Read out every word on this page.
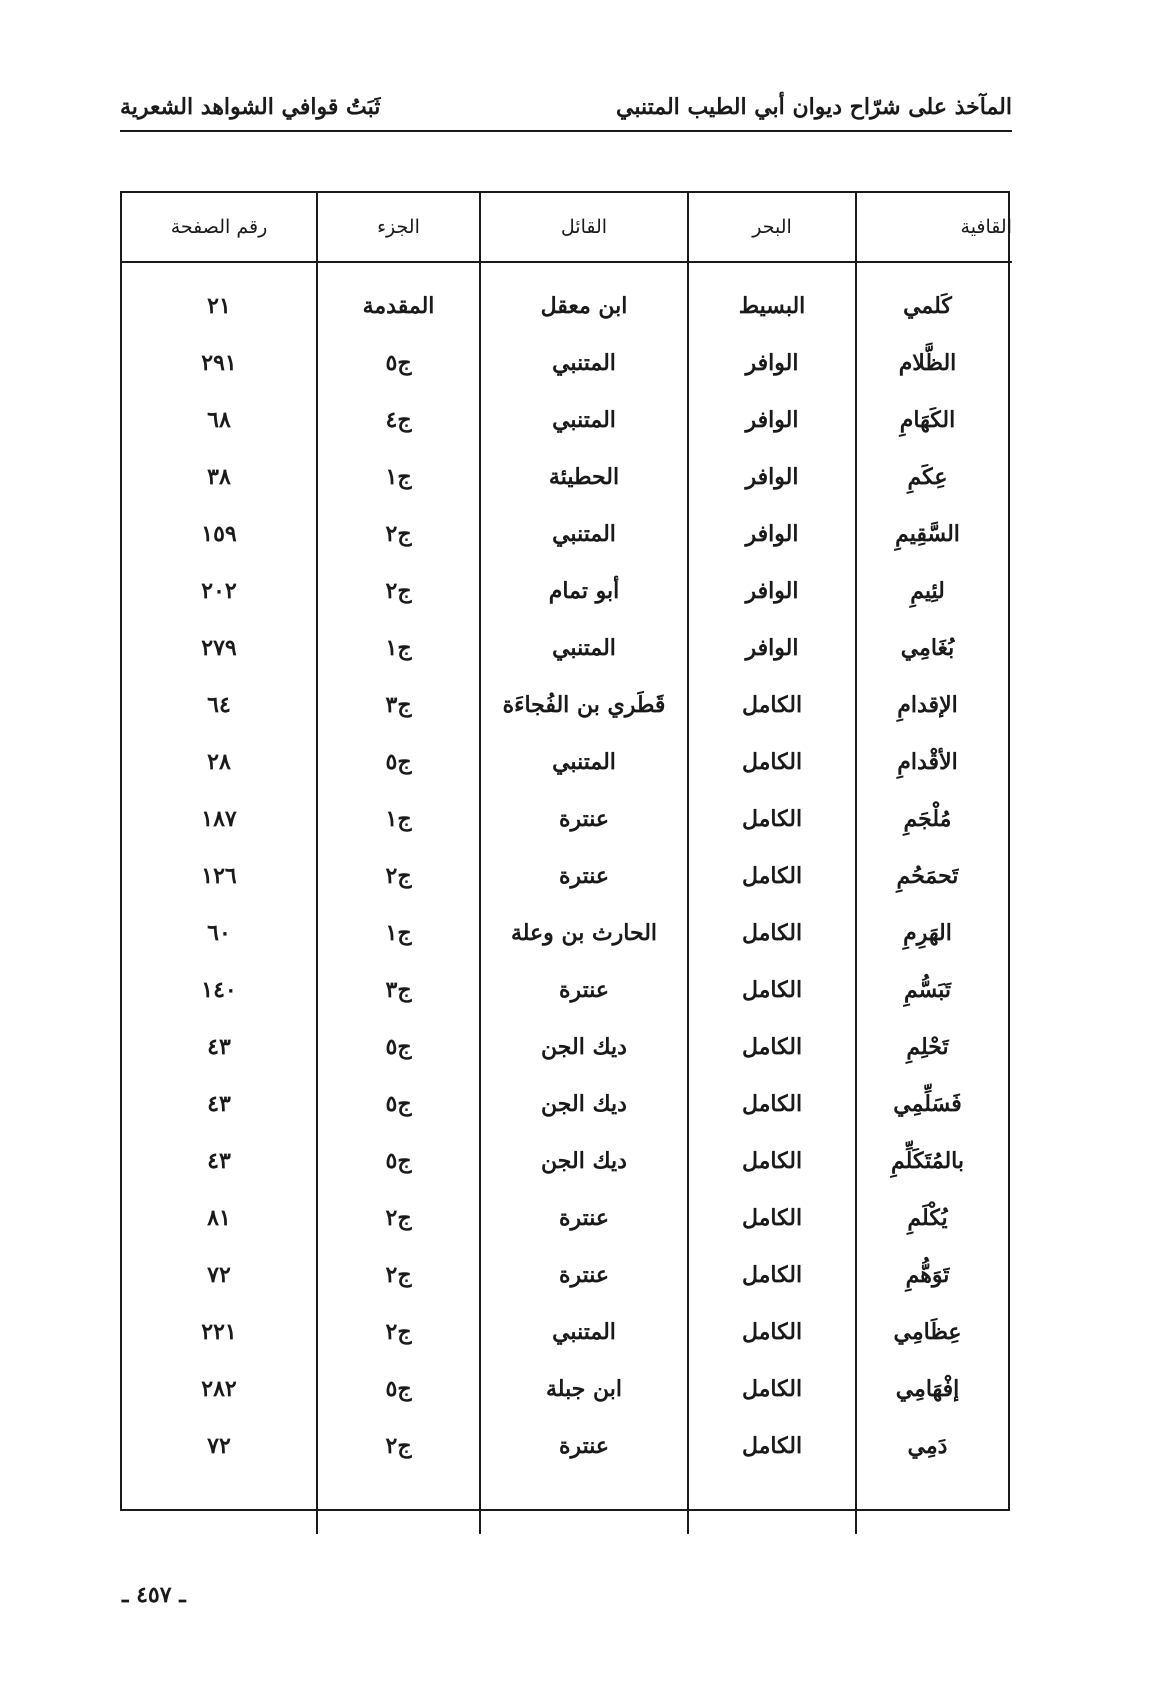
المآخذ على شرّاح ديوان أبي الطيب المتنبي
ثَبَتُ قوافي الشواهد الشعرية
القافية	البحر	القائل	الجزء	رقم الصفحة
كَلمي	البسيط	ابن معقل	المقدمة	٢١
الظَّلام	الوافر	المتنبي	ج٥	٢٩١
الكَهَامِ	الوافر	المتنبي	ج٤	٦٨
عِكَمِ	الوافر	الحطيئة	ج١	٣٨
السَّقِيمِ	الوافر	المتنبي	ج٢	١٥٩
لئِيمِ	الوافر	أبو تمام	ج٢	٢٠٢
بُغَامِي	الوافر	المتنبي	ج١	٢٧٩
الإقدامِ	الكامل	قَطَري بن الفُجاءَة	ج٣	٦٤
الأقْدامِ	الكامل	المتنبي	ج٥	٢٨
مُلْجَمِ	الكامل	عنترة	ج١	١٨٧
تَحمَحُمِ	الكامل	عنترة	ج٢	١٢٦
الهَرِمِ	الكامل	الحارث بن وعلة	ج١	٦٠
تَبَسُّمِ	الكامل	عنترة	ج٣	١٤٠
تَحْلِمِ	الكامل	ديك الجن	ج٥	٤٣
فَسَلِّمِي	الكامل	ديك الجن	ج٥	٤٣
بالمُتَكَلِّمِ	الكامل	ديك الجن	ج٥	٤٣
يُكْلَمِ	الكامل	عنترة	ج٢	٨١
تَوَهُّمِ	الكامل	عنترة	ج٢	٧٢
عِظَامِي	الكامل	المتنبي	ج٢	٢٢١
إفْهَامِي	الكامل	ابن جبلة	ج٥	٢٨٢
دَمِي	الكامل	عنترة	ج٢	٧٢

ـ ٤٥٧ ـ
